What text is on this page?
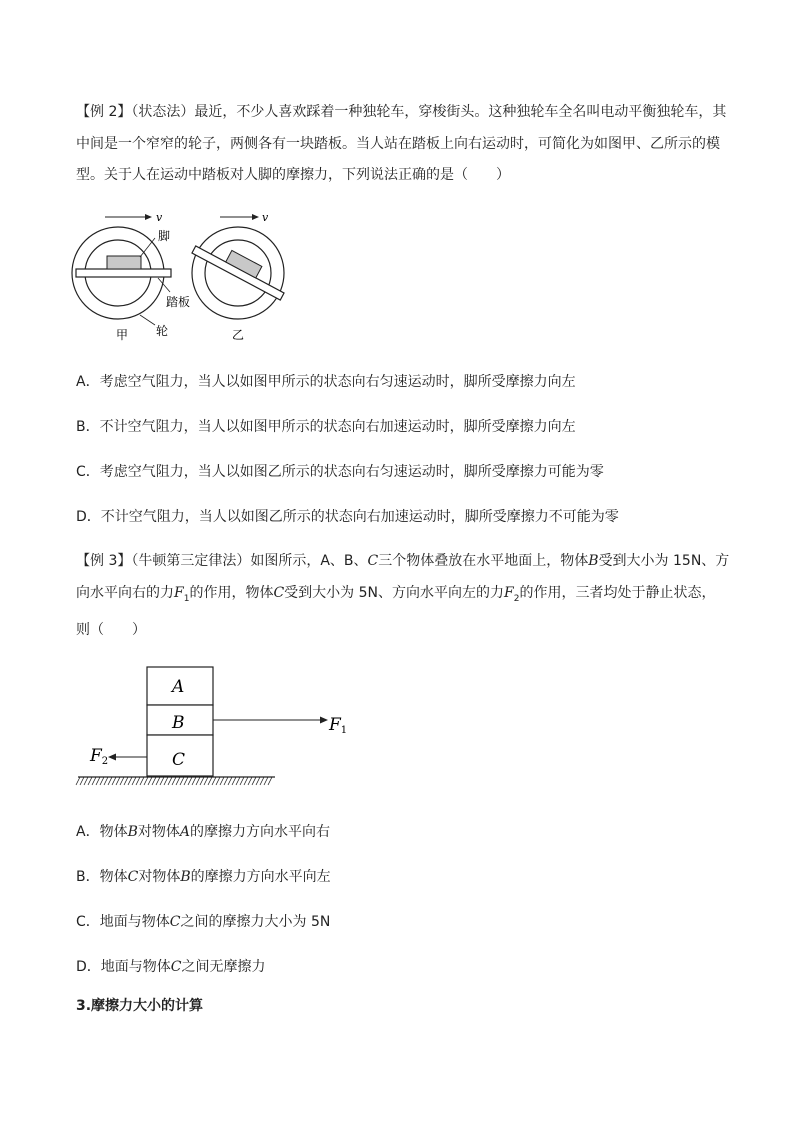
【例 2】（状态法）最近，不少人喜欢踩着一种独轮车，穿梭街头。这种独轮车全名叫电动平衡独轮车，其
中间是一个窄窄的轮子，两侧各有一块踏板。当人站在踏板上向右运动时，可简化为如图甲、乙所示的模
型。关于人在运动中踏板对人脚的摩擦力，下列说法正确的是（　　）
v
脚
踏板
轮
甲
v
乙
A．考虑空气阻力，当人以如图甲所示的状态向右匀速运动时，脚所受摩擦力向左
B．不计空气阻力，当人以如图甲所示的状态向右加速运动时，脚所受摩擦力向左
C．考虑空气阻力，当人以如图乙所示的状态向右匀速运动时，脚所受摩擦力可能为零
D．不计空气阻力，当人以如图乙所示的状态向右加速运动时，脚所受摩擦力不可能为零
【例 3】（牛顿第三定律法）如图所示，A、B、C三个物体叠放在水平地面上，物体B受到大小为 15N、方
向水平向右的力$F_1$的作用，物体C受到大小为 5N、方向水平向左的力$F_2$的作用，三者均处于静止状态，
则（　　）
A
B
C
F1
F2
A．物体B对物体A的摩擦力方向水平向右
B．物体C对物体B的摩擦力方向水平向左
C．地面与物体C之间的摩擦力大小为 5N
D．地面与物体C之间无摩擦力
3.摩擦力大小的计算
